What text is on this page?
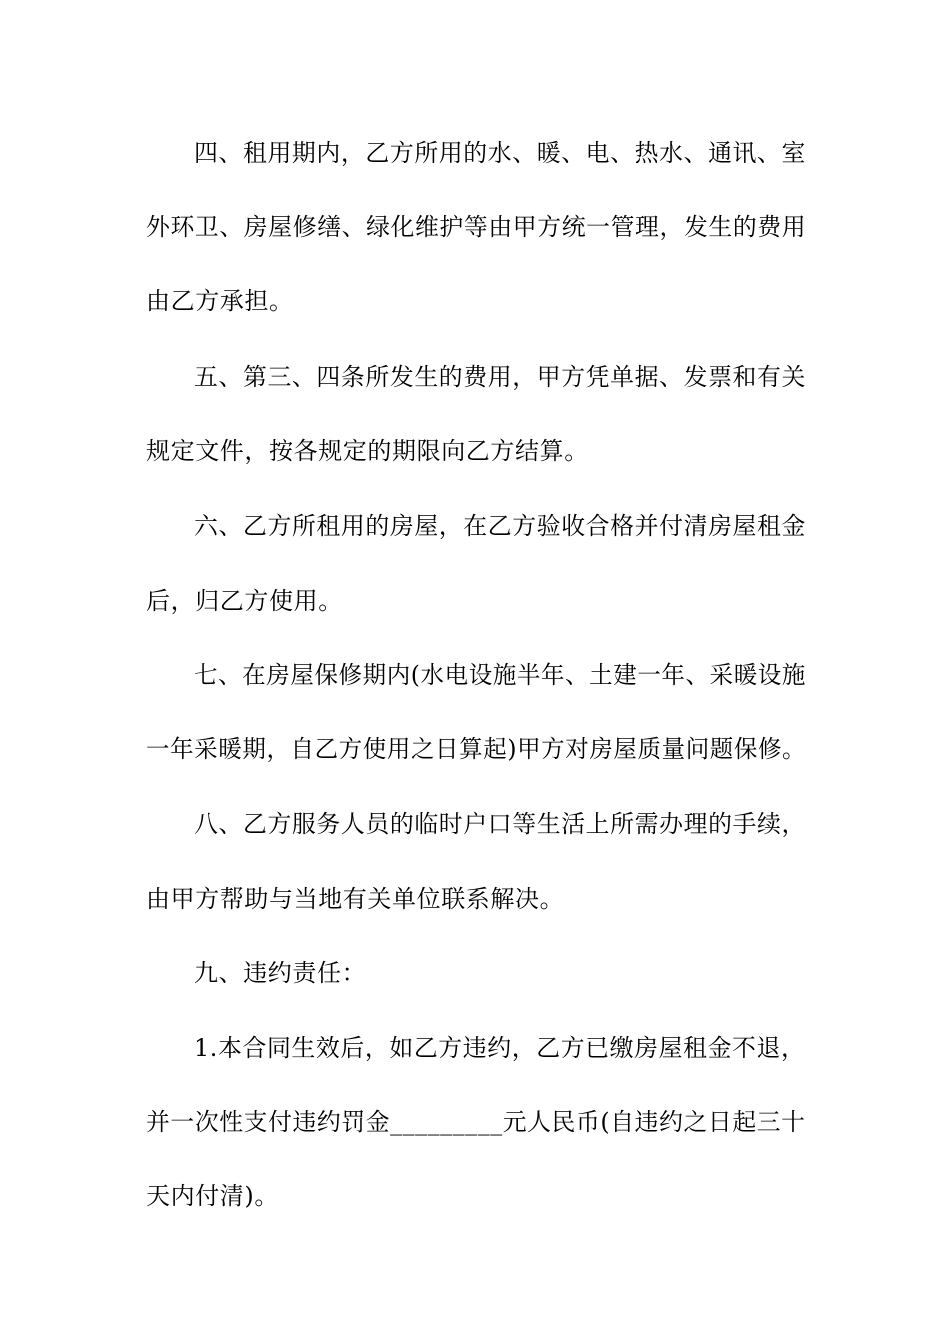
四、租用期内，乙方所用的水、暖、电、热水、通讯、室
外环卫、房屋修缮、绿化维护等由甲方统一管理，发生的费用
由乙方承担。
五、第三、四条所发生的费用，甲方凭单据、发票和有关
规定文件，按各规定的期限向乙方结算。
六、乙方所租用的房屋，在乙方验收合格并付清房屋租金
后，归乙方使用。
七、在房屋保修期内(水电设施半年、土建一年、采暖设施
一年采暖期，自乙方使用之日算起)甲方对房屋质量问题保修。
八、乙方服务人员的临时户口等生活上所需办理的手续，
由甲方帮助与当地有关单位联系解决。
九、违约责任：
1.本合同生效后，如乙方违约，乙方已缴房屋租金不退，
并一次性支付违约罚金_________元人民币(自违约之日起三十
天内付清)。
